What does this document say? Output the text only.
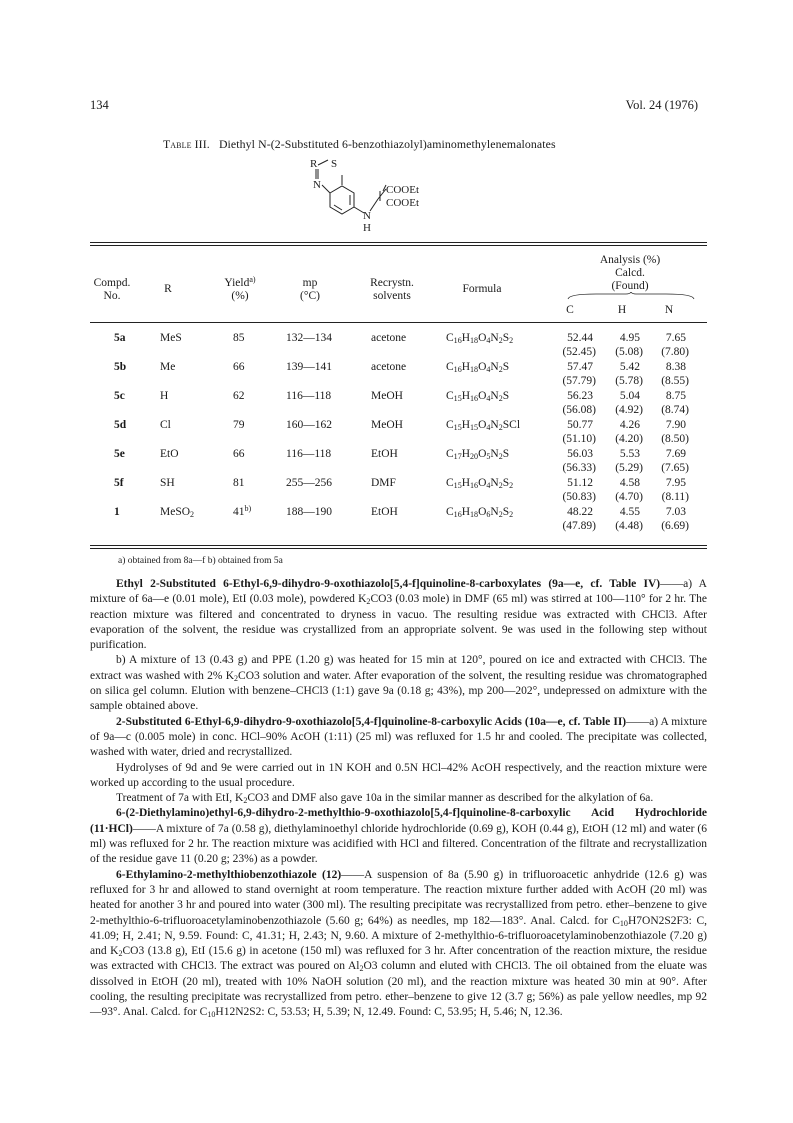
134	Vol. 24 (1976)
Table III. Diethyl N-(2-Substituted 6-benzothiazolyl)aminomethylenemalonates
R S
N	COOEt
COOEt
N
H
Analysis (%)
Calcd.
(Found)
Compd.
No.
R	Yield$^{a)}$
(%)
mp
(°C)
Recrystn.
solvents
Formula
C	H	N
5a	MeS	85	132—134	acetone	$C_{16}H_{18}O_4N_2S_2$	52.44	4.95	7.65
(52.45)	(5.08)	(7.80)
5b	Me	66	139—141	acetone	$C_{16}H_{18}O_4N_2S$	57.47	5.42	8.38
(57.79)	(5.78)	(8.55)
5c	H	62	116—118	MeOH	$C_{15}H_{16}O_4N_2S$	56.23	5.04	8.75
(56.08)	(4.92)	(8.74)
5d	Cl	79	160—162	MeOH	$C_{15}H_{15}O_4N_2SCl$	50.77	4.26	7.90
(51.10)	(4.20)	(8.50)
5e	EtO	66	116—118	EtOH	$C_{17}H_{20}O_5N_2S$	56.03	5.53	7.69
(56.33)	(5.29)	(7.65)
5f	SH	81	255—256	DMF	$C_{15}H_{16}O_4N_2S_2$	51.12	4.58	7.95
(50.83)	(4.70)	(8.11)
1	MeSO$_2$	41$^{b)}$	188—190	EtOH	$C_{16}H_{18}O_6N_2S_2$	48.22	4.55	7.03
(47.89)	(4.48)	(6.69)
a) obtained from 8a—f b) obtained from 5a

Ethyl 2-Substituted 6-Ethyl-6,9-dihydro-9-oxothiazolo[5,4-f]quinoline-8-carboxylates (9a—e, cf. Table IV)——a) A mixture of 6a—e (0.01 mole), EtI (0.03 mole), powdered $K_2CO3$ (0.03 mole) in DMF (65 ml) was stirred at 100—110° for 2 hr. The reaction mixture was filtered and concentrated to dryness in vacuo. The resulting residue was extracted with CHCl3. After evaporation of the solvent, the residue was crystallized from an appropriate solvent. 9e was used in the following step without purification.

b) A mixture of 13 (0.43 g) and PPE (1.20 g) was heated for 15 min at 120°, poured on ice and extracted with CHCl3. The extract was washed with 2% $K_2CO3$ solution and water. After evaporation of the solvent, the resulting residue was chromatographed on silica gel column. Elution with benzene–CHCl3 (1:1) gave 9a (0.18 g; 43%), mp 200—202°, undepressed on admixture with the sample obtained above.

2-Substituted 6-Ethyl-6,9-dihydro-9-oxothiazolo[5,4-f]quinoline-8-carboxylic Acids (10a—e, cf. Table II)——a) A mixture of 9a—c (0.005 mole) in conc. HCl–90% AcOH (1:11) (25 ml) was refluxed for 1.5 hr and cooled. The precipitate was collected, washed with water, dried and recrystallized.

Hydrolyses of 9d and 9e were carried out in 1N KOH and 0.5N HCl–42% AcOH respectively, and the reaction mixture were worked up according to the usual procedure.

Treatment of 7a with EtI, $K_2CO3$ and DMF also gave 10a in the similar manner as described for the alkylation of 6a.

6-(2-Diethylamino)ethyl-6,9-dihydro-2-methylthio-9-oxothiazolo[5,4-f]quinoline-8-carboxylic Acid Hydrochloride (11·HCl)——A mixture of 7a (0.58 g), diethylaminoethyl chloride hydrochloride (0.69 g), KOH (0.44 g), EtOH (12 ml) and water (6 ml) was refluxed for 2 hr. The reaction mixture was acidified with HCl and filtered. Concentration of the filtrate and recrystallization of the residue gave 11 (0.20 g; 23%) as a powder.

6-Ethylamino-2-methylthiobenzothiazole (12)——A suspension of 8a (5.90 g) in trifluoroacetic anhydride (12.6 g) was refluxed for 3 hr and allowed to stand overnight at room temperature. The reaction mixture further added with AcOH (20 ml) was heated for another 3 hr and poured into water (300 ml). The resulting precipitate was recrystallized from petro. ether–benzene to give 2-methylthio-6-trifluoroacetylaminobenzothiazole (5.60 g; 64%) as needles, mp 182—183°. Anal. Calcd. for $C_{10}H7ON2S2F3$: C, 41.09; H, 2.41; N, 9.59. Found: C, 41.31; H, 2.43; N, 9.60. A mixture of 2-methylthio-6-trifluoroacetylaminobenzothiazole (7.20 g) and $K_2CO3$ (13.8 g), EtI (15.6 g) in acetone (150 ml) was refluxed for 3 hr. After concentration of the reaction mixture, the residue was extracted with CHCl3. The extract was poured on $Al_2O3$ column and eluted with CHCl3. The oil obtained from the eluate was dissolved in EtOH (20 ml), treated with 10% NaOH solution (20 ml), and the reaction mixture was heated 30 min at 90°. After cooling, the resulting precipitate was recrystallized from petro. ether–benzene to give 12 (3.7 g; 56%) as pale yellow needles, mp 92—93°. Anal. Calcd. for $C_{10}H12N2S2$: C, 53.53; H, 5.39; N, 12.49. Found: C, 53.95; H, 5.46; N, 12.36.
